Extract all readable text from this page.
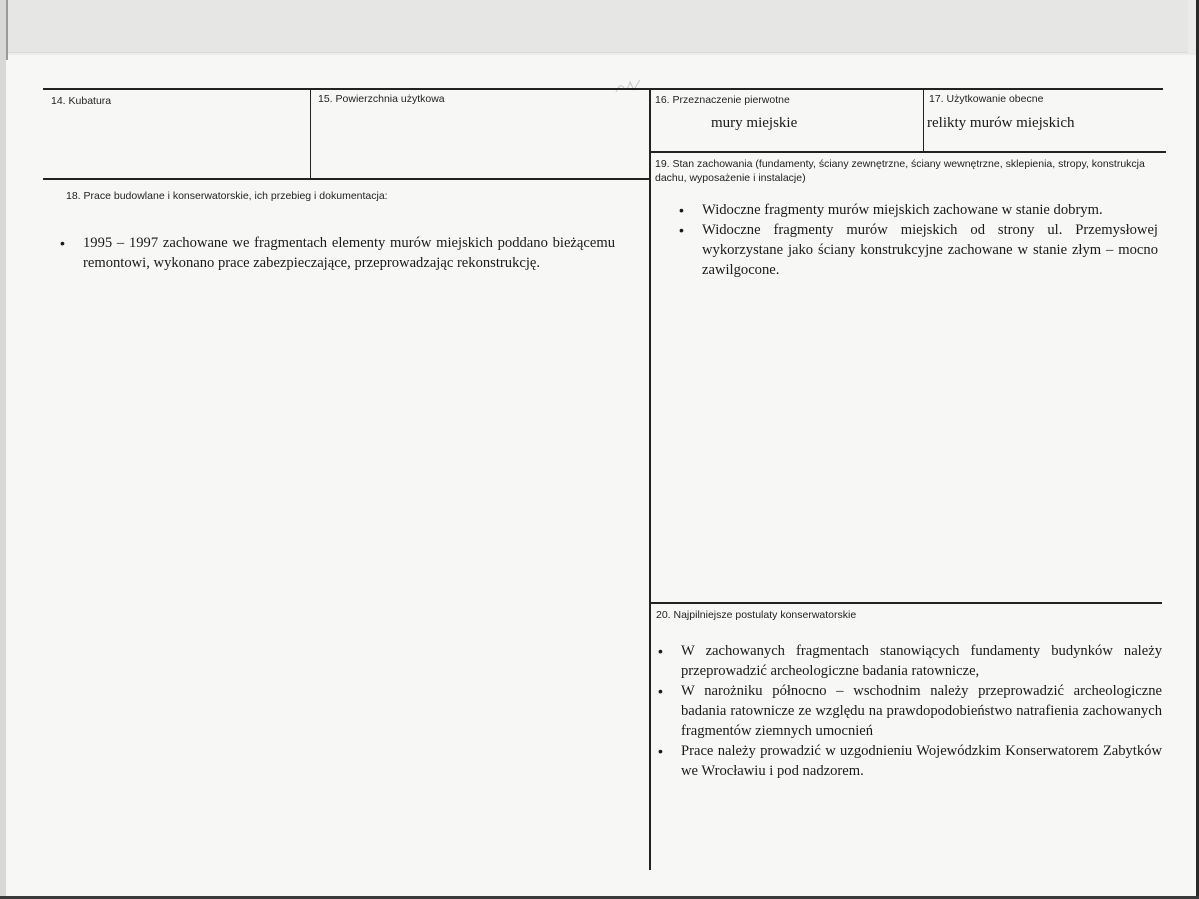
14. Kubatura	15. Powierzchnia użytkowa	16. Przeznaczenie pierwotne
mury miejskie
17. Użytkowanie obecne
relikty murów miejskich
18. Prace budowlane i konserwatorskie, ich przebieg i dokumentacja:
• 1995 – 1997 zachowane we fragmentach elementy murów miejskich poddano bieżącemu remontowi, wykonano prace zabezpieczające, przeprowadzając rekonstrukcję.
19. Stan zachowania (fundamenty, ściany zewnętrzne, ściany wewnętrzne, sklepienia, stropy, konstrukcja dachu, wyposażenie i instalacje)
• Widoczne fragmenty murów miejskich zachowane w stanie dobrym.
• Widoczne fragmenty murów miejskich od strony ul. Przemysłowej wykorzystane jako ściany konstrukcyjne zachowane w stanie złym – mocno zawilgocone.
20. Najpilniejsze postulaty konserwatorskie
• W zachowanych fragmentach stanowiących fundamenty budynków należy przeprowadzić archeologiczne badania ratownicze,
• W narożniku północno – wschodnim należy przeprowadzić archeologiczne badania ratownicze ze względu na prawdopodobieństwo natrafienia zachowanych fragmentów ziemnych umocnień
• Prace należy prowadzić w uzgodnieniu Wojewódzkim Konserwatorem Zabytków we Wrocławiu i pod nadzorem.
